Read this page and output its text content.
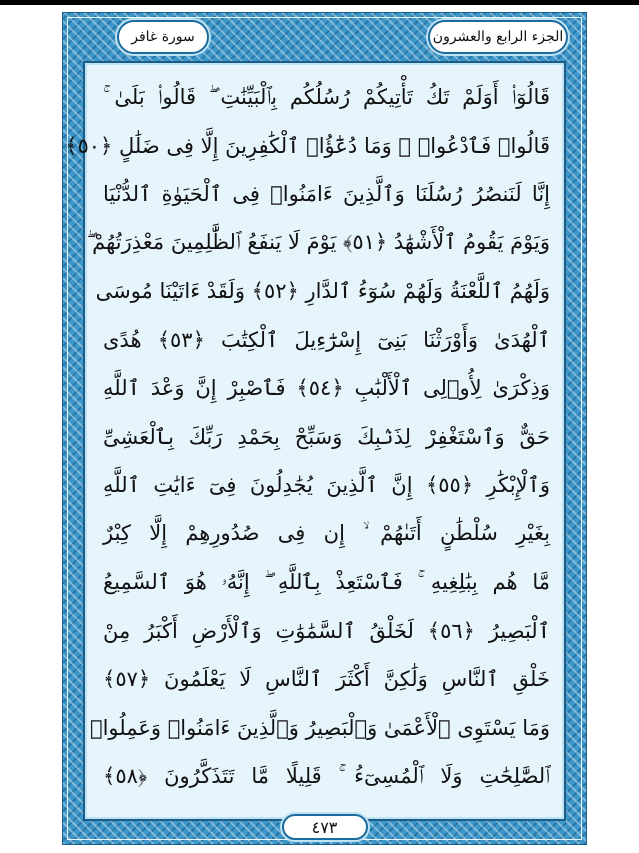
الجزء الرابع والعشرون
سورة غافر
قَالُوٓا۟ أَوَلَمْ تَكُ تَأْتِيكُمْ رُسُلُكُم بِٱلْبَيِّنَٰتِ ۖ قَالُوا۟ بَلَىٰ ۚ
قَالُوا۟ فَٱدْعُوا۟ ۗ وَمَا دُعَٰٓؤُا۟ ٱلْكَٰفِرِينَ إِلَّا فِى ضَلَٰلٍ ﴿٥٠﴾
إِنَّا لَنَنصُرُ رُسُلَنَا وَٱلَّذِينَ ءَامَنُوا۟ فِى ٱلْحَيَوٰةِ ٱلدُّنْيَا
وَيَوْمَ يَقُومُ ٱلْأَشْهَٰدُ ﴿٥١﴾ يَوْمَ لَا يَنفَعُ ٱلظَّٰلِمِينَ مَعْذِرَتُهُمْ ۖ
وَلَهُمُ ٱللَّعْنَةُ وَلَهُمْ سُوٓءُ ٱلدَّارِ ﴿٥٢﴾ وَلَقَدْ ءَاتَيْنَا مُوسَى
ٱلْهُدَىٰ وَأَوْرَثْنَا بَنِىٓ إِسْرَٰٓءِيلَ ٱلْكِتَٰبَ ﴿٥٣﴾ هُدًى
وَذِكْرَىٰ لِأُو۟لِى ٱلْأَلْبَٰبِ ﴿٥٤﴾ فَٱصْبِرْ إِنَّ وَعْدَ ٱللَّهِ
حَقٌّ وَٱسْتَغْفِرْ لِذَنۢبِكَ وَسَبِّحْ بِحَمْدِ رَبِّكَ بِٱلْعَشِىِّ
وَٱلْإِبْكَٰرِ ﴿٥٥﴾ إِنَّ ٱلَّذِينَ يُجَٰدِلُونَ فِىٓ ءَايَٰتِ ٱللَّهِ
بِغَيْرِ سُلْطَٰنٍ أَتَىٰهُمْ ۙ إِن فِى صُدُورِهِمْ إِلَّا كِبْرٌ
مَّا هُم بِبَٰلِغِيهِ ۚ فَٱسْتَعِذْ بِٱللَّهِ ۖ إِنَّهُۥ هُوَ ٱلسَّمِيعُ
ٱلْبَصِيرُ ﴿٥٦﴾ لَخَلْقُ ٱلسَّمَٰوَٰتِ وَٱلْأَرْضِ أَكْبَرُ مِنْ
خَلْقِ ٱلنَّاسِ وَلَٰكِنَّ أَكْثَرَ ٱلنَّاسِ لَا يَعْلَمُونَ ﴿٥٧﴾
وَمَا يَسْتَوِى ٱلْأَعْمَىٰ وَٱلْبَصِيرُ وَٱلَّذِينَ ءَامَنُوا۟ وَعَمِلُوا۟
ٱلصَّٰلِحَٰتِ وَلَا ٱلْمُسِىٓءُ ۚ قَلِيلًا مَّا تَتَذَكَّرُونَ ﴿٥٨﴾
٤٧٣
